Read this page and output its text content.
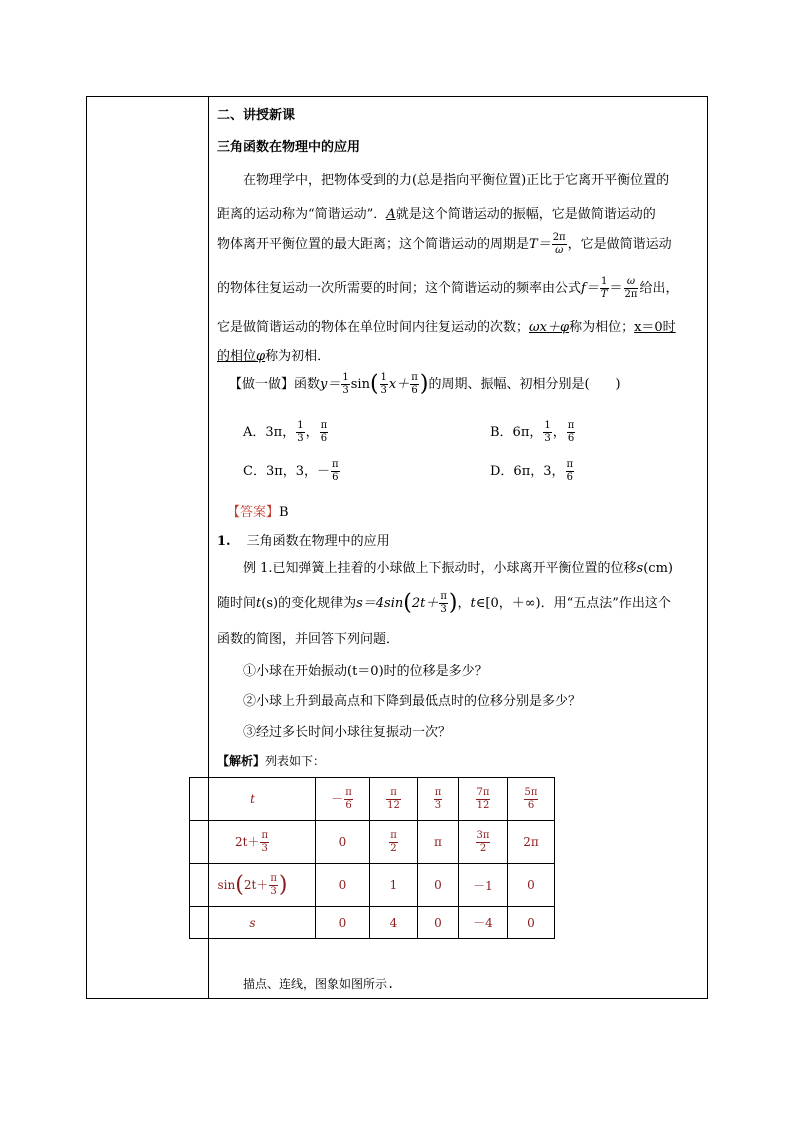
二、讲授新课
三角函数在物理中的应用
在物理学中，把物体受到的力(总是指向平衡位置)正比于它离开平衡位置的
距离的运动称为“简谐运动”．A就是这个简谐运动的振幅，它是做简谐运动的
物体离开平衡位置的最大距离；这个简谐运动的周期是$T= \frac{2\pi}{\omega}$ ，它是做简谐运动
的物体往复运动一次所需要的时间；这个简谐运动的频率由公式$f= \frac{1}{T} = \frac{\omega}{2\pi}$ 给出，
它是做简谐运动的物体在单位时间内往复运动的次数；ωx＋φ称为相位；x＝0时
的相位φ称为初相．
【做一做】函数$y= \frac{1}{3} \sin( \frac{1}{3} x+ \frac{\pi}{6}$ )的周期、振幅、初相分别是(　　)
A．3π， $\frac{1}{3}$ ， $\frac{\pi}{6}$	B．6π， $\frac{1}{3}$ ， $\frac{\pi}{6}$
C．3π，3，－ $\frac{\pi}{6}$	D．6π，3， $\frac{\pi}{6}$
【答案】B
1. 三角函数在物理中的应用
例 1.已知弹簧上挂着的小球做上下振动时，小球离开平衡位置的位移s(cm)
随时间t(s)的变化规律为$s=4\sin(2t+ \frac{\pi}{3}$ )，t∈[0，＋∞)．用“五点法”作出这个
函数的简图，并回答下列问题．
①小球在开始振动(t＝0)时的位移是多少？
②小球上升到最高点和下降到最低点时的位移分别是多少？
③经过多长时间小球往复振动一次？
【解析】列表如下：
t	－ $\frac{\pi}{6}$	$\frac{\pi}{12}$	$\frac{\pi}{3}$	$\frac{7\pi}{12}$	$\frac{5\pi}{6}$

$2t+ \frac{\pi}{3}$	0	$\frac{\pi}{2}$	π	$\frac{3\pi}{2}$	2π
$\sin(2t+ \frac{\pi}{3}$ )	0	1	0	－1	0
s	0	4	0	－4	0
描点、连线，图象如图所示.
